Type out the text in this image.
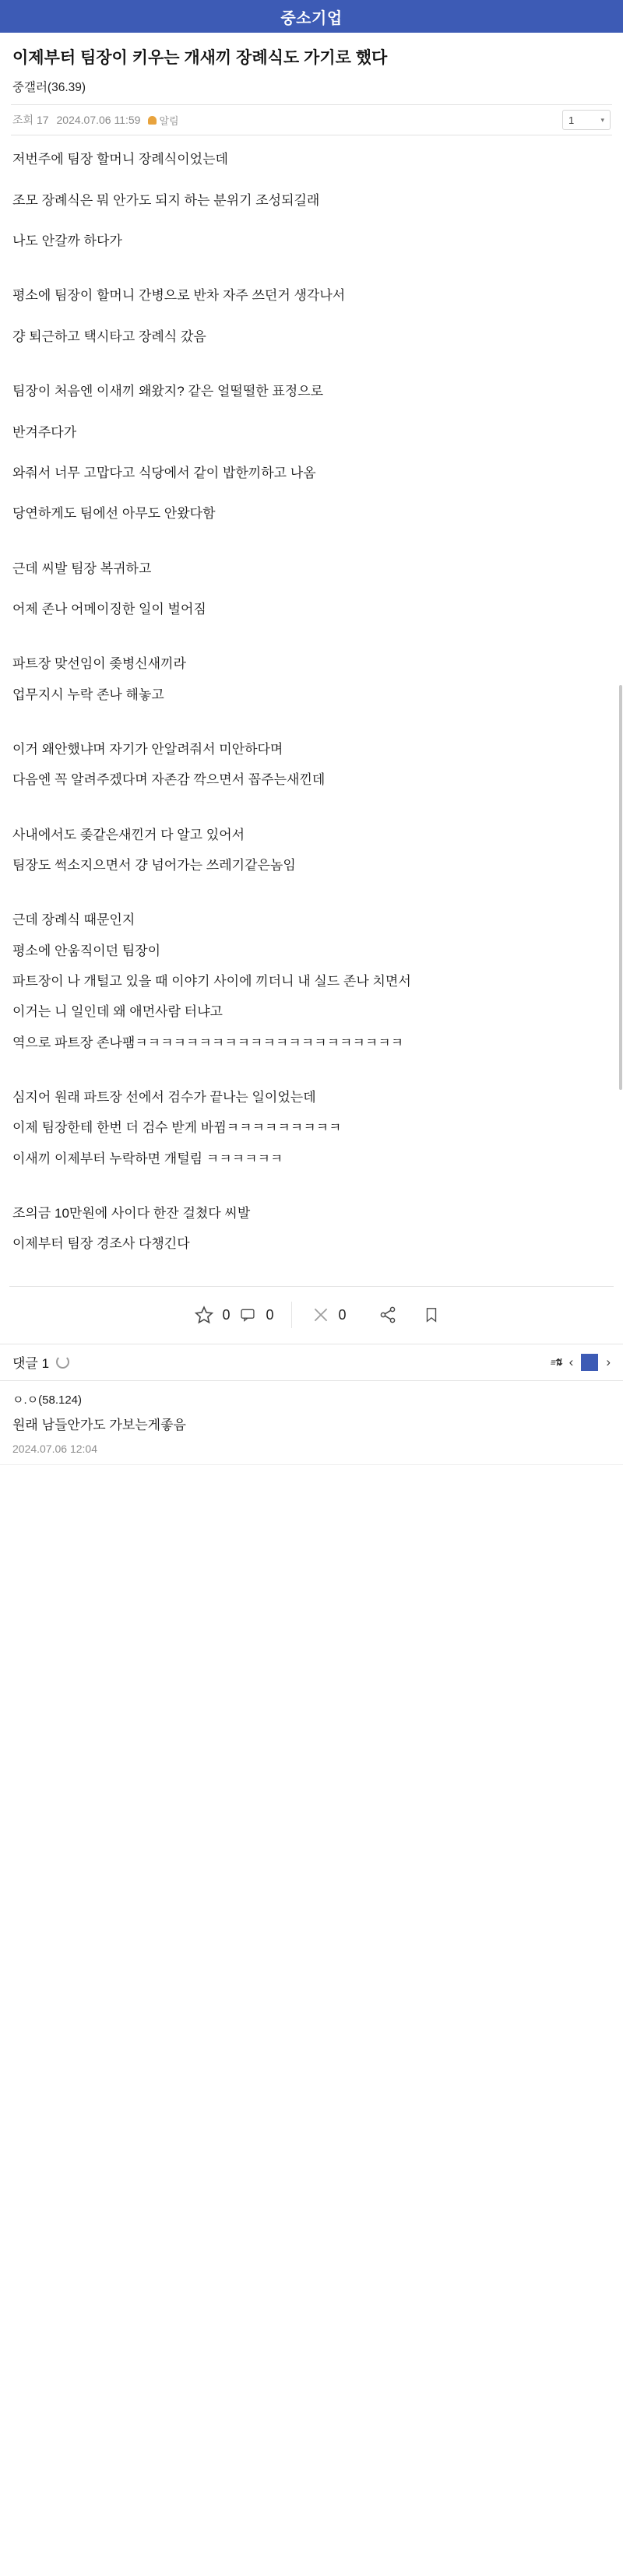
중소기업
이제부터 팀장이 키우는 개새끼 장례식도 가기로 했다
중갤러(36.39)
조회 17 2024.07.06 11:59 알림	1	▾

저번주에 팀장 할머니 장례식이었는데

조모 장례식은 뭐 안가도 되지 하는 분위기 조성되길래

나도 안갈까 하다가

평소에 팀장이 할머니 간병으로 반차 자주 쓰던거 생각나서

걍 퇴근하고 택시타고 장례식 갔음

팀장이 처음엔 이새끼 왜왔지? 같은 얼떨떨한 표정으로

반겨주다가

와줘서 너무 고맙다고 식당에서 같이 밥한끼하고 나옴

당연하게도 팀에선 아무도 안왔다함

근데 씨발 팀장 복귀하고

어제 존나 어메이징한 일이 벌어짐

파트장 맞선임이 좆병신새끼라

업무지시 누락 존나 해놓고

이거 왜안했냐며 자기가 안알려줘서 미안하다며

다음엔 꼭 알려주겠다며 자존감 깍으면서 꼽주는새낀데

사내에서도 좆같은새낀거 다 알고 있어서

팀장도 썩소지으면서 걍 넘어가는 쓰레기같은놈임

근데 장례식 때문인지

평소에 안움직이던 팀장이

파트장이 나 개털고 있을 때 이야기 사이에 끼더니 내 실드 존나 치면서

이거는 니 일인데 왜 애먼사람 터냐고

역으로 파트장 존나팸ㅋㅋㅋㅋㅋㅋㅋㅋㅋㅋㅋㅋㅋㅋㅋㅋㅋㅋㅋㅋㅋ

심지어 원래 파트장 선에서 검수가 끝나는 일이었는데

이제 팀장한테 한번 더 검수 받게 바뀜ㅋㅋㅋㅋㅋㅋㅋㅋㅋ

이새끼 이제부터 누락하면 개털림 ㅋㅋㅋㅋㅋㅋ

조의금 10만원에 사이다 한잔 걸쳤다 씨발

이제부터 팀장 경조사 다챙긴다

0	0	0
댓글 1	≡⇅ ‹ ›
ㅇ.ㅇ(58.124)
원래 남들안가도 가보는게좋음
2024.07.06 12:04
